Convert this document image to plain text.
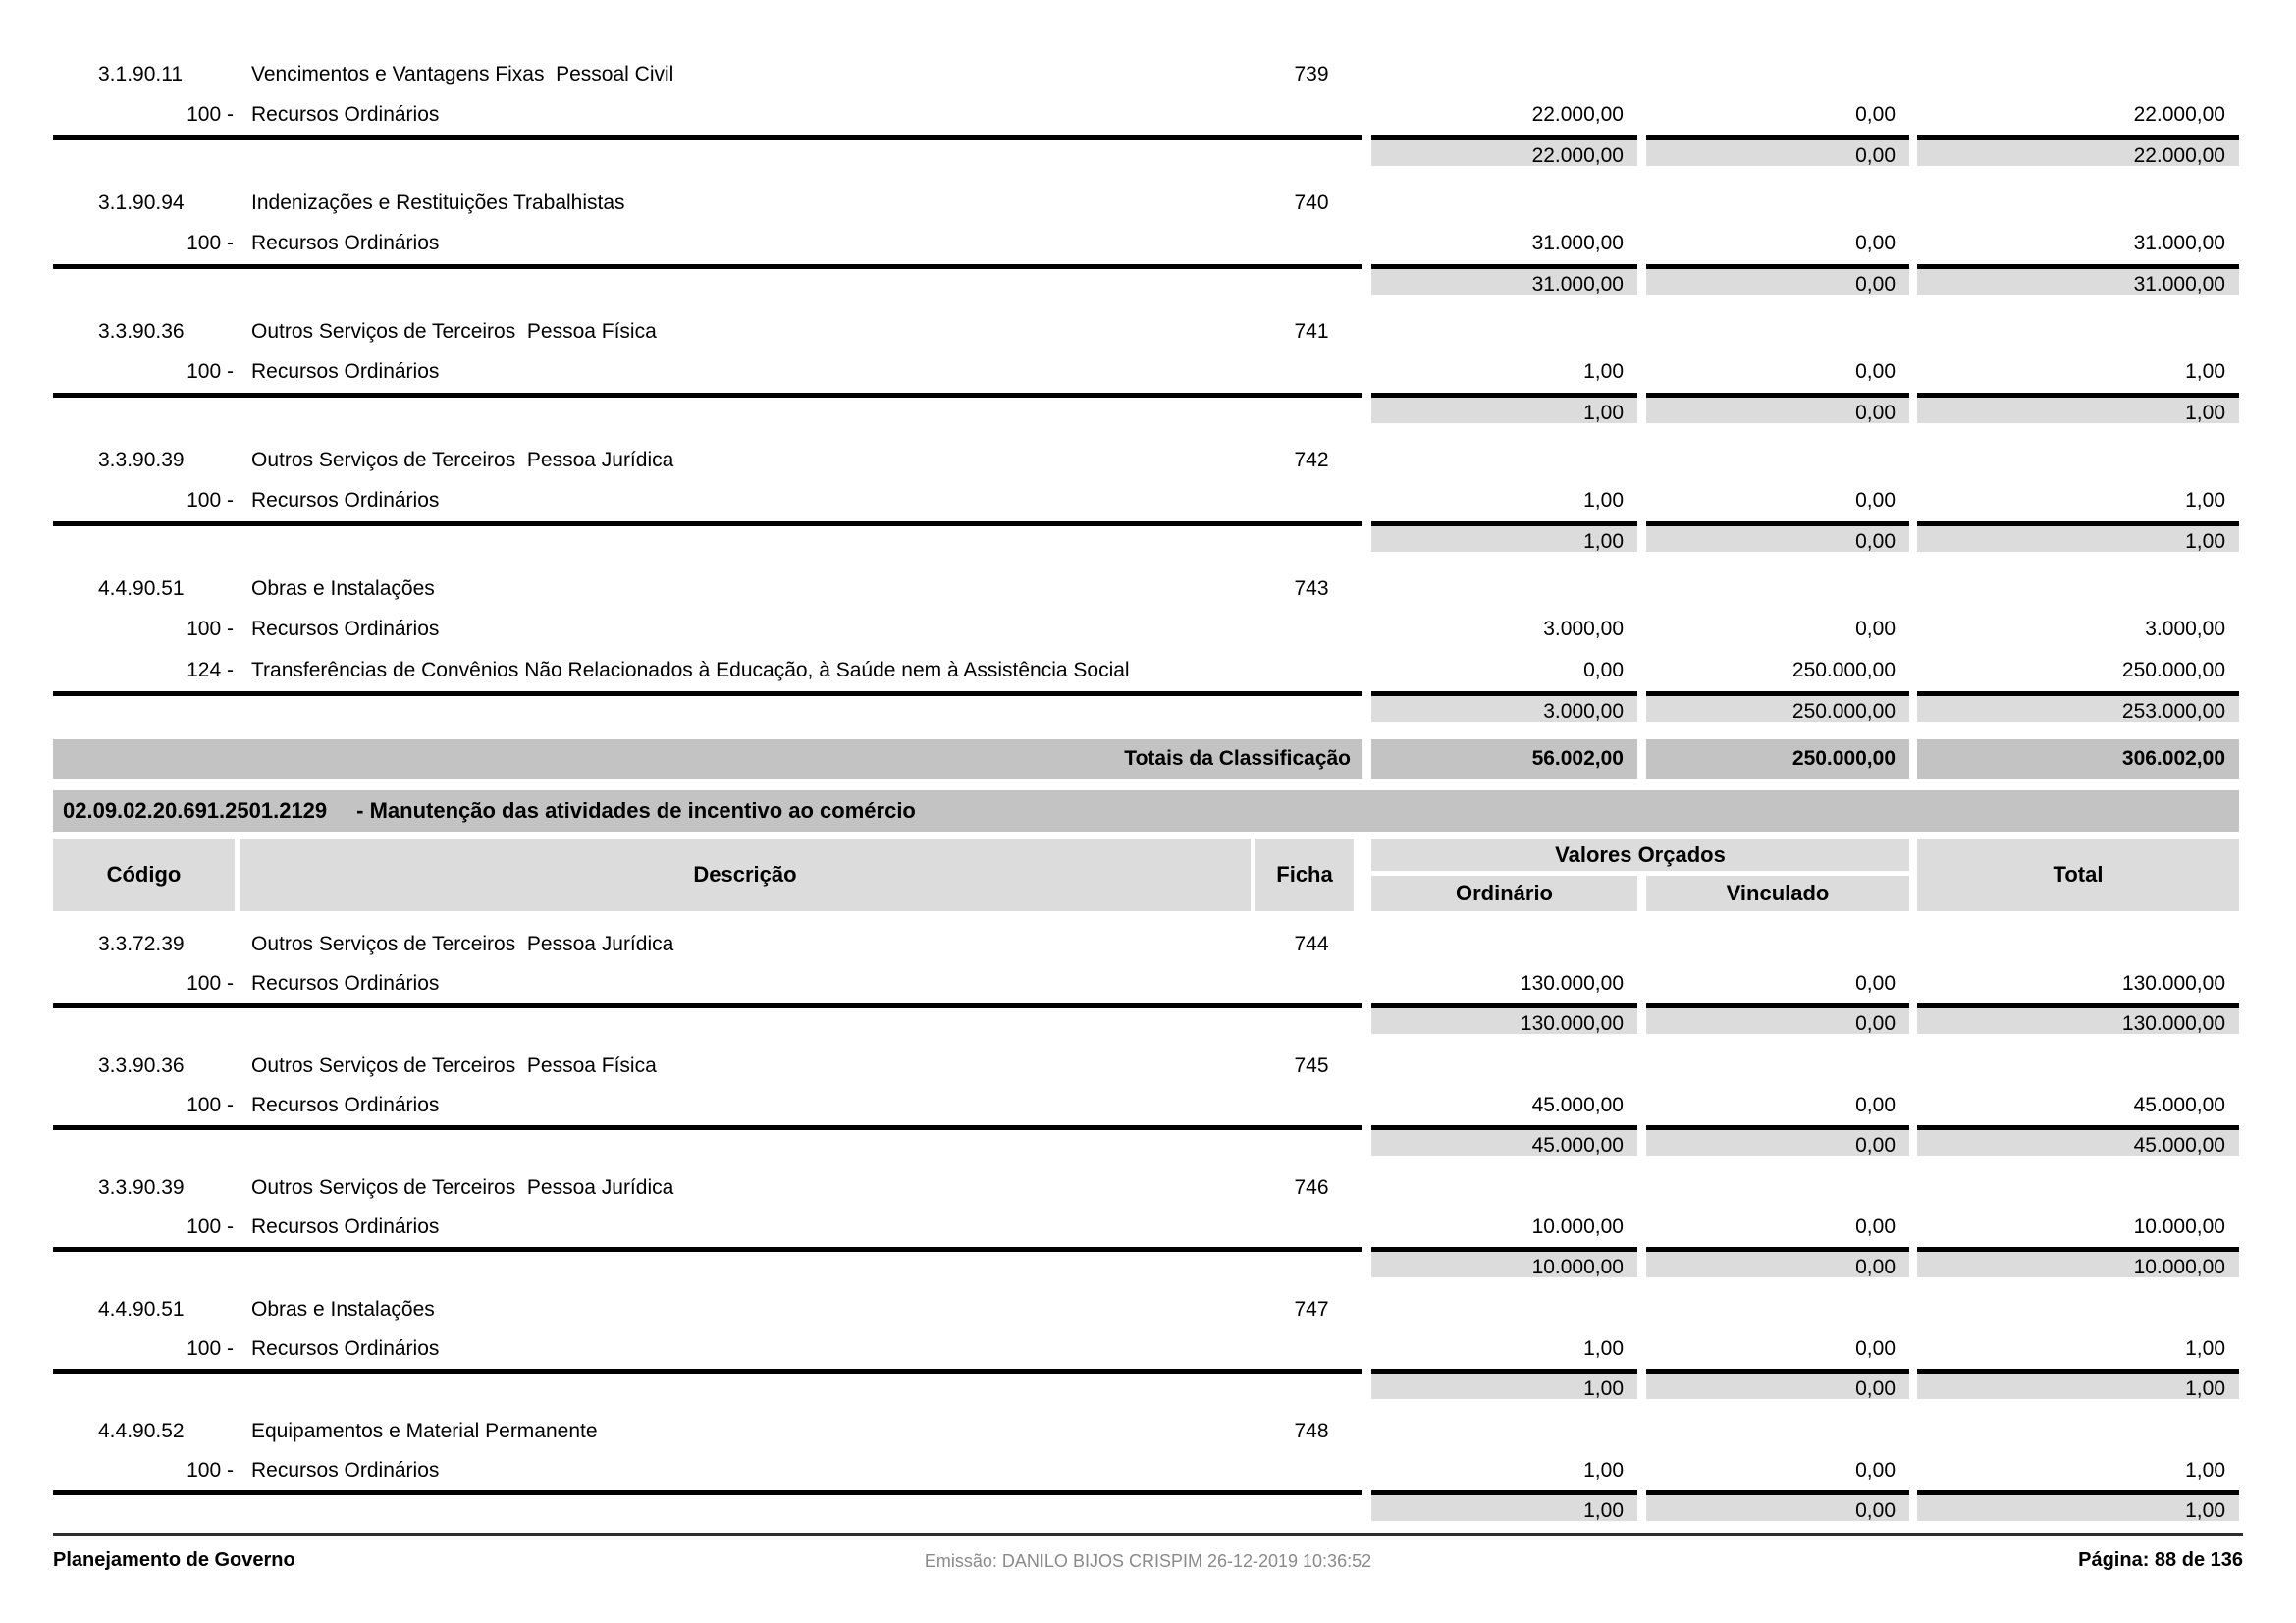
3.1.90.11	Vencimentos e Vantagens Fixas  Pessoal Civil	739
100 - Recursos Ordinários	22.000,00	0,00	22.000,00
22.000,00	0,00	22.000,00
3.1.90.94	Indenizações e Restituições Trabalhistas	740
100 - Recursos Ordinários	31.000,00	0,00	31.000,00
31.000,00	0,00	31.000,00
3.3.90.36	Outros Serviços de Terceiros  Pessoa Física	741
100 - Recursos Ordinários	1,00	0,00	1,00
1,00	0,00	1,00
3.3.90.39	Outros Serviços de Terceiros  Pessoa Jurídica	742
100 - Recursos Ordinários	1,00	0,00	1,00
1,00	0,00	1,00
4.4.90.51	Obras e Instalações	743
100 - Recursos Ordinários	3.000,00	0,00	3.000,00
124 - Transferências de Convênios Não Relacionados à Educação, à Saúde nem à Assistência Social	0,00	250.000,00	250.000,00
3.000,00	250.000,00	253.000,00
Totais da Classificação	56.002,00	250.000,00	306.002,00
02.09.02.20.691.2501.2129 - Manutenção das atividades de incentivo ao comércio
Código	Descrição	Ficha
Valores Orçados
Ordinário	Vinculado
Total
3.3.72.39	Outros Serviços de Terceiros  Pessoa Jurídica	744
100 - Recursos Ordinários	130.000,00	0,00	130.000,00
130.000,00	0,00	130.000,00
3.3.90.36	Outros Serviços de Terceiros  Pessoa Física	745
100 - Recursos Ordinários	45.000,00	0,00	45.000,00
45.000,00	0,00	45.000,00
3.3.90.39	Outros Serviços de Terceiros  Pessoa Jurídica	746
100 - Recursos Ordinários	10.000,00	0,00	10.000,00
10.000,00	0,00	10.000,00
4.4.90.51	Obras e Instalações	747
100 - Recursos Ordinários	1,00	0,00	1,00
1,00	0,00	1,00
4.4.90.52	Equipamentos e Material Permanente	748
100 - Recursos Ordinários	1,00	0,00	1,00
1,00	0,00	1,00
Planejamento de Governo	Emissão: DANILO BIJOS CRISPIM 26-12-2019 10:36:52	Página: 88 de 136
